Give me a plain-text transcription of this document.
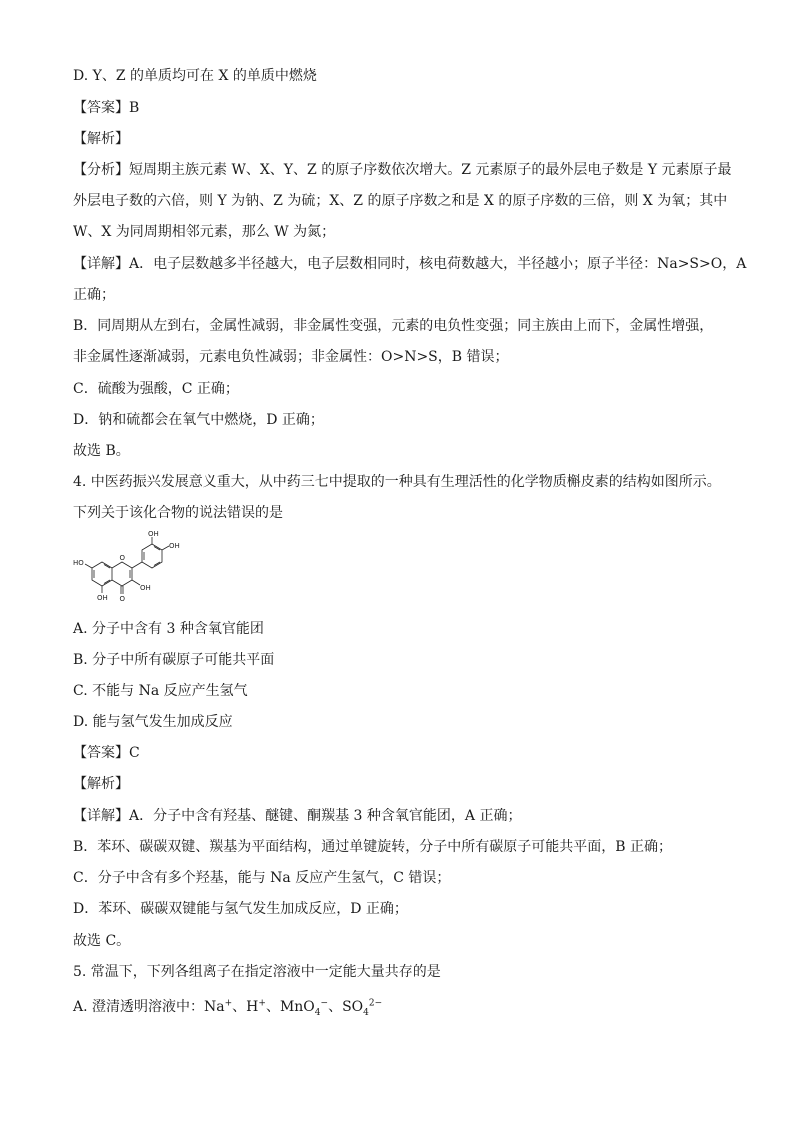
D. Y、Z 的单质均可在 X 的单质中燃烧
【答案】B
【解析】
【分析】短周期主族元素 W、X、Y、Z 的原子序数依次增大。Z 元素原子的最外层电子数是 Y 元素原子最
外层电子数的六倍，则 Y 为钠、Z 为硫；X、Z 的原子序数之和是 X 的原子序数的三倍，则 X 为氧；其中
W、X 为同周期相邻元素，那么 W 为氮；
【详解】A．电子层数越多半径越大，电子层数相同时，核电荷数越大，半径越小；原子半径：Na>S>O，A
正确；
B．同周期从左到右，金属性减弱，非金属性变强，元素的电负性变强；同主族由上而下，金属性增强，
非金属性逐渐减弱，元素电负性减弱；非金属性：O>N>S，B 错误；
C．硫酸为强酸，C 正确；
D．钠和硫都会在氧气中燃烧，D 正确；
故选 B。
4. 中医药振兴发展意义重大，从中药三七中提取的一种具有生理活性的化学物质槲皮素的结构如图所示。
下列关于该化合物的说法错误的是
O
O
OH
OH
HO
OH
OH
A. 分子中含有 3 种含氧官能团
B. 分子中所有碳原子可能共平面
C. 不能与 Na 反应产生氢气
D. 能与氢气发生加成反应
【答案】C
【解析】
【详解】A．分子中含有羟基、醚键、酮羰基 3 种含氧官能团，A 正确；
B．苯环、碳碳双键、羰基为平面结构，通过单键旋转，分子中所有碳原子可能共平面，B 正确；
C．分子中含有多个羟基，能与 Na 反应产生氢气，C 错误；
D．苯环、碳碳双键能与氢气发生加成反应，D 正确；
故选 C。
5. 常温下，下列各组离子在指定溶液中一定能大量共存的是
A. 澄清透明溶液中：Na+、H+、MnO$_4$−、$SO_4^{2-}$
